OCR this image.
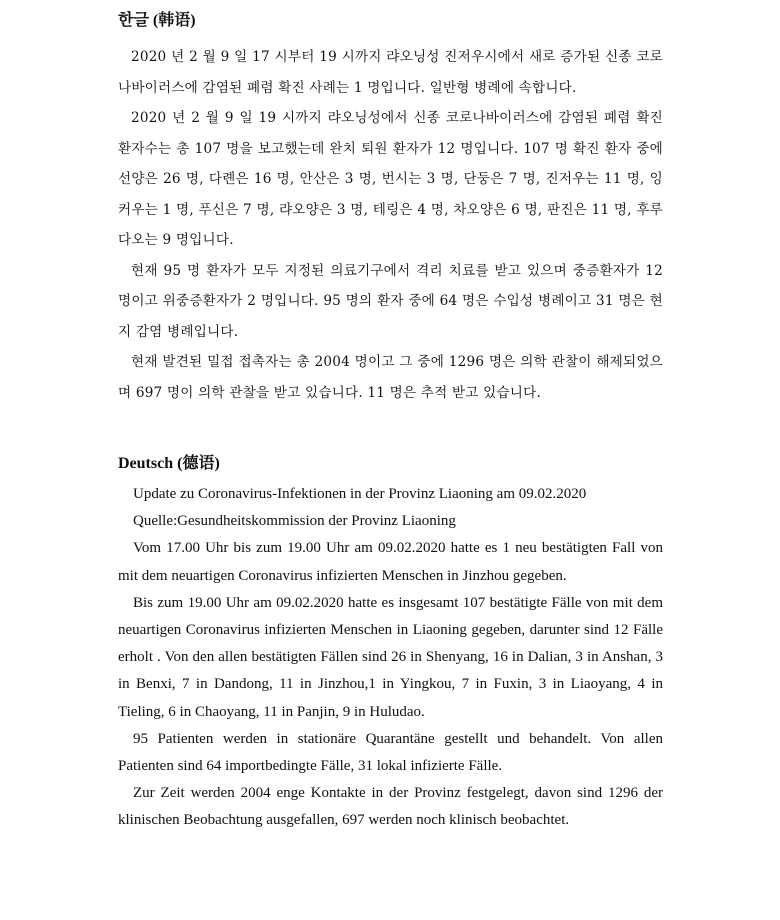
한글 (韩语)

2020 년 2 월 9 일 17 시부터 19 시까지 랴오닝성 진저우시에서 새로 증가된 신종 코로나바이러스에 감염된 폐렴 확진 사례는 1 명입니다. 일반형 병례에 속합니다.

2020 년 2 월 9 일 19 시까지 랴오닝성에서 신종 코로나바이러스에 감염된 폐렴 확진 환자수는 총 107 명을 보고했는데 완치 퇴원 환자가 12 명입니다. 107 명 확진 환자 중에 선양은 26 명, 다롄은 16 명, 안산은 3 명, 번시는 3 명, 단둥은 7 명, 진저우는 11 명, 잉커우는 1 명, 푸신은 7 명, 랴오양은 3 명, 테링은 4 명, 차오양은 6 명, 판진은 11 명, 후루다오는 9 명입니다.

현재 95 명 환자가 모두 지정된 의료기구에서 격리 치료를 받고 있으며 중증환자가 12 명이고 위중증환자가 2 명입니다. 95 명의 환자 중에 64 명은 수입성 병례이고 31 명은 현지 감염 병례입니다.

현재 발견된 밀접 접촉자는 총 2004 명이고 그 중에 1296 명은 의학 관찰이 해제되었으며 697 명이 의학 관찰을 받고 있습니다. 11 명은 추적 받고 있습니다.

Deutsch (德语)

Update zu Coronavirus-Infektionen in der Provinz Liaoning am 09.02.2020

Quelle:Gesundheitskommission der Provinz Liaoning

Vom 17.00 Uhr bis zum 19.00 Uhr am 09.02.2020 hatte es 1 neu bestätigten Fall von mit dem neuartigen Coronavirus infizierten Menschen in Jinzhou gegeben.

Bis zum 19.00 Uhr am 09.02.2020 hatte es insgesamt 107 bestätigte Fälle von mit dem neuartigen Coronavirus infizierten Menschen in Liaoning gegeben, darunter sind 12 Fälle erholt . Von den allen bestätigten Fällen sind 26 in Shenyang, 16 in Dalian, 3 in Anshan, 3 in Benxi, 7 in Dandong, 11 in Jinzhou,1 in Yingkou, 7 in Fuxin, 3 in Liaoyang, 4 in Tieling, 6 in Chaoyang, 11 in Panjin, 9 in Huludao.

95 Patienten werden in stationäre Quarantäne gestellt und behandelt. Von allen Patienten sind 64 importbedingte Fälle, 31 lokal infizierte Fälle.

Zur Zeit werden 2004 enge Kontakte in der Provinz festgelegt, davon sind 1296 der klinischen Beobachtung ausgefallen, 697 werden noch klinisch beobachtet.
